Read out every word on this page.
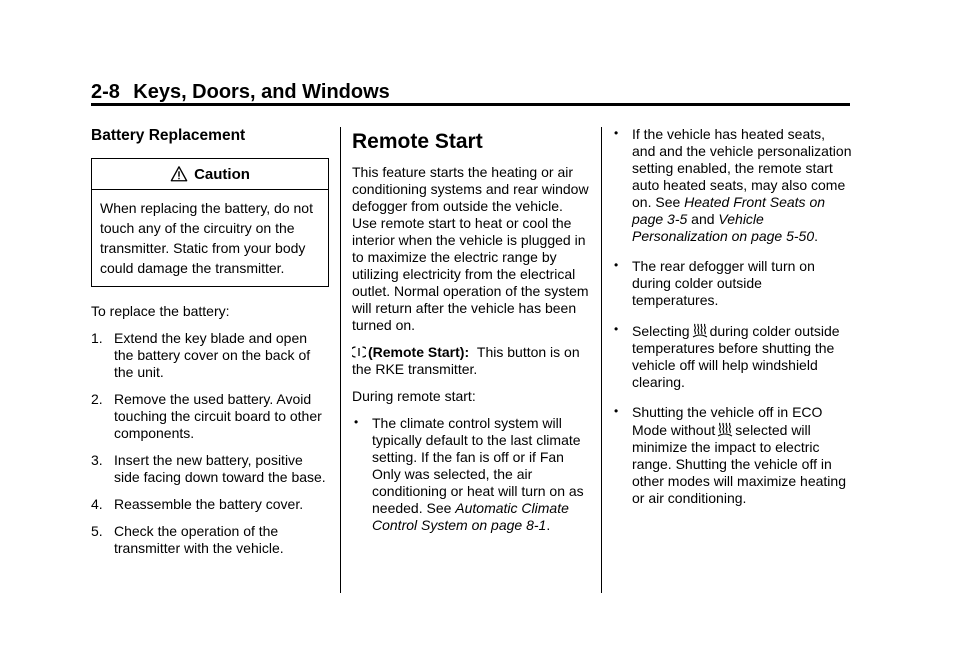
2-8 Keys, Doors, and Windows
Battery Replacement
Caution
When replacing the battery, do not touch any of the circuitry on the transmitter. Static from your body could damage the transmitter.

To replace the battery:

1. Extend the key blade and open the battery cover on the back of the unit.
2. Remove the used battery. Avoid touching the circuit board to other components.
3. Insert the new battery, positive side facing down toward the base.
4. Reassemble the battery cover.
5. Check the operation of the transmitter with the vehicle.
Remote Start

This feature starts the heating or air conditioning systems and rear window defogger from outside the vehicle. Use remote start to heat or cool the interior when the vehicle is plugged in to maximize the electric range by utilizing electricity from the electrical outlet. Normal operation of the system will return after the vehicle has been turned on.

(Remote Start): This button is on the RKE transmitter.

During remote start:

• The climate control system will typically default to the last climate setting. If the fan is off or if Fan Only was selected, the air conditioning or heat will turn on as needed. See Automatic Climate Control System on page 8-1.
• If the vehicle has heated seats, and and the vehicle personalization setting enabled, the remote start auto heated seats, may also come on. See Heated Front Seats on page 3-5 and Vehicle Personalization on page 5-50.
• The rear defogger will turn on during colder outside temperatures.
• Selecting during colder outside temperatures before shutting the vehicle off will help windshield clearing.
• Shutting the vehicle off in ECO Mode without selected will minimize the impact to electric range. Shutting the vehicle off in other modes will maximize heating or air conditioning.
